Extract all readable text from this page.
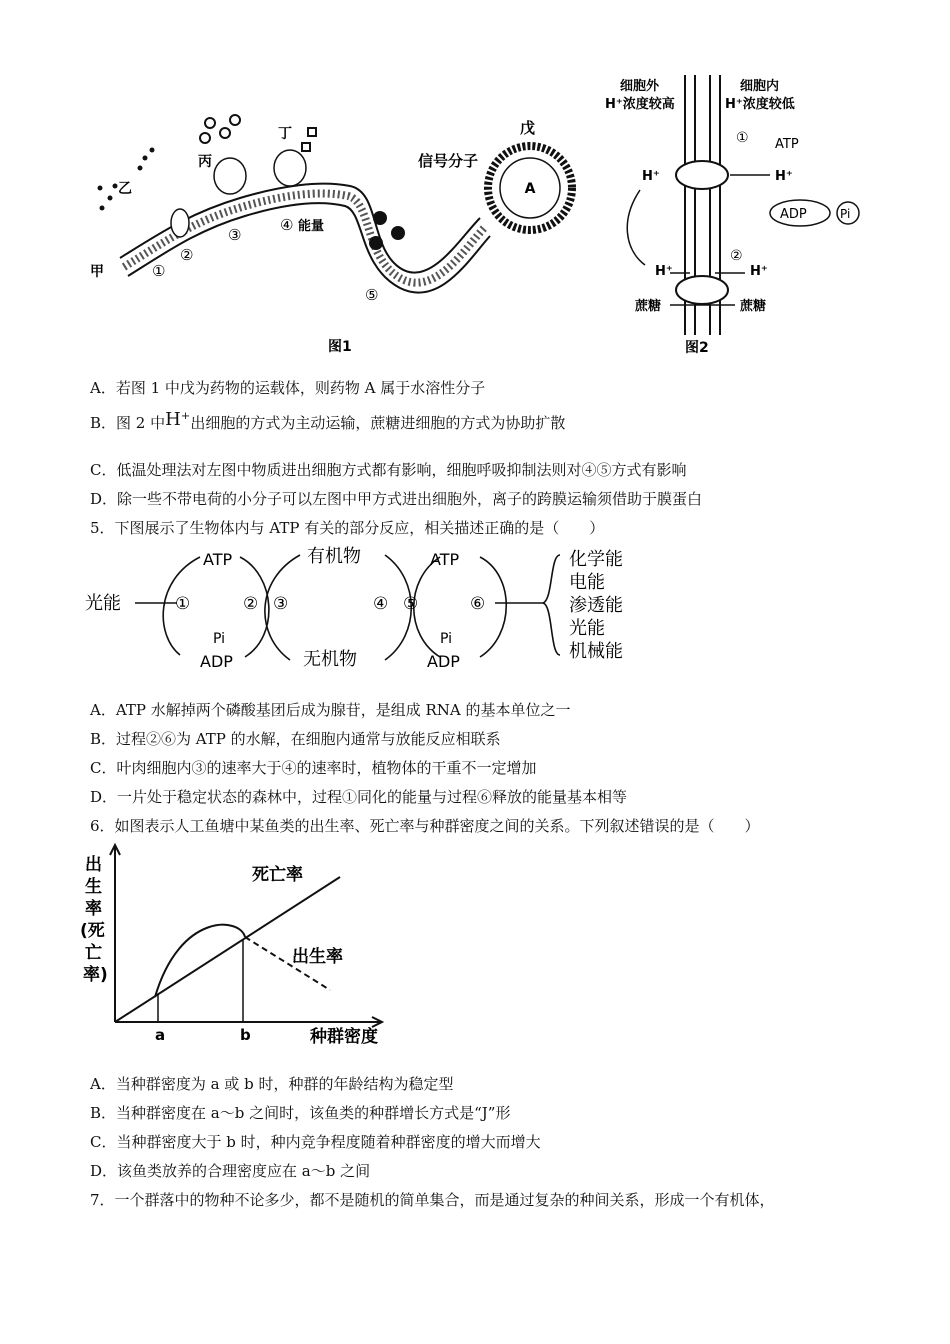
A
戊
信号分子
甲
乙
丙
丁
①
②
③
④ 能量
⑤
图1
细胞外
H⁺浓度较高
细胞内
H⁺浓度较低
①
②
ATP
ADP	Pi
H⁺	H⁺
H⁺	H⁺
蔗糖	蔗糖
图2
A．若图 1 中戊为药物的运载体，则药物 A 属于水溶性分子
B．图 2 中H⁺出细胞的方式为主动运输，蔗糖进细胞的方式为协助扩散
C．低温处理法对左图中物质进出细胞方式都有影响，细胞呼吸抑制法则对④⑤方式有影响
D．除一些不带电荷的小分子可以左图中甲方式进出细胞外，离子的跨膜运输须借助于膜蛋白
5．下图展示了生物体内与 ATP 有关的部分反应，相关描述正确的是（　　）
光能
ATP
Pi
ADP
有机物
无机物
ATP
Pi
ADP
①	② ③	④ ⑤	⑥
化学能
电能
渗透能
光能
机械能
A．ATP 水解掉两个磷酸基团后成为腺苷，是组成 RNA 的基本单位之一
B．过程②⑥为 ATP 的水解，在细胞内通常与放能反应相联系
C．叶肉细胞内③的速率大于④的速率时，植物体的干重不一定增加
D．一片处于稳定状态的森林中，过程①同化的能量与过程⑥释放的能量基本相等
6．如图表示人工鱼塘中某鱼类的出生率、死亡率与种群密度之间的关系。下列叙述错误的是（　　）
出
生
率
(死
亡
率)
死亡率
出生率
a	b	种群密度
A．当种群密度为 a 或 b 时，种群的年龄结构为稳定型
B．当种群密度在 a～b 之间时，该鱼类的种群增长方式是“J”形
C．当种群密度大于 b 时，种内竞争程度随着种群密度的增大而增大
D．该鱼类放养的合理密度应在 a～b 之间
7．一个群落中的物种不论多少，都不是随机的简单集合，而是通过复杂的种间关系，形成一个有机体，
